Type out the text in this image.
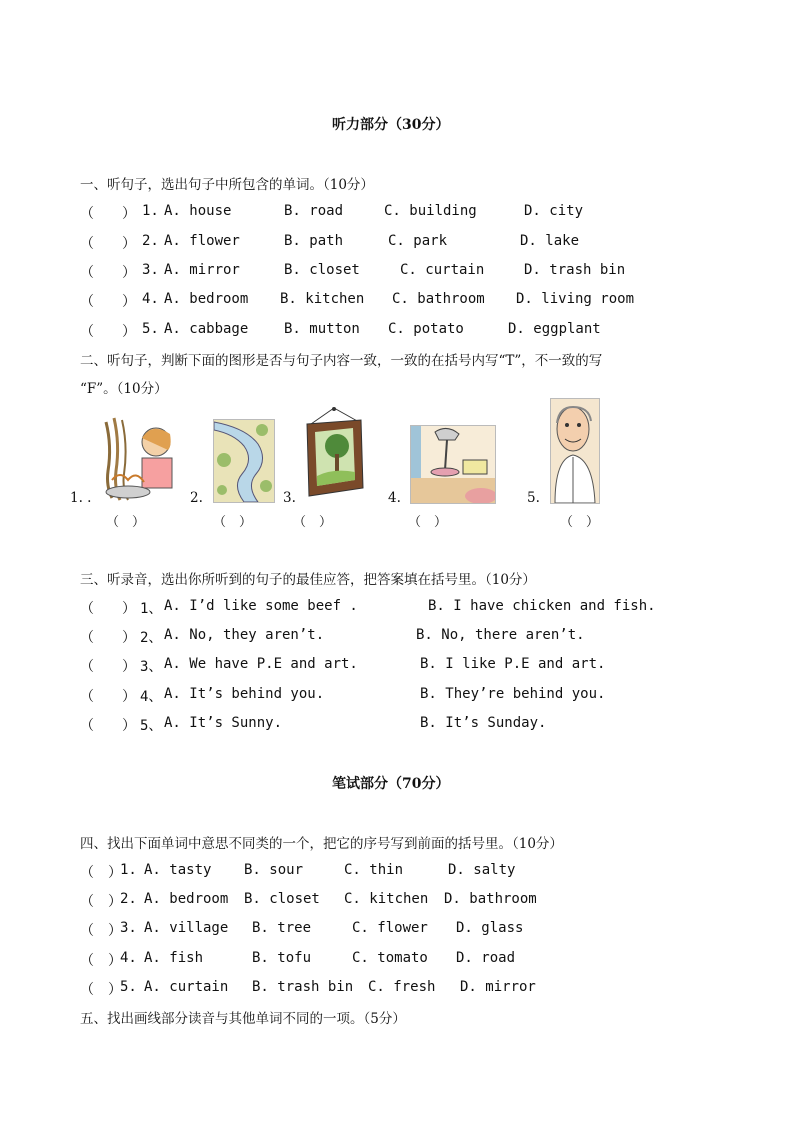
听力部分（30分）
一、听句子，选出句子中所包含的单词。（10分）
（　　） 1. A. house	B. road	C. building	D. city
（　　） 2. A. flower	B. path	C. park	D. lake
（　　） 3. A. mirror	B. closet	C. curtain	D. trash bin
（　　） 4. A. bedroom B. kitchen C. bathroom D. living room
（　　） 5. A. cabbage	B. mutton C. potato	D. eggplant
二、听句子，判断下面的图形是否与句子内容一致，一致的在括号内写“T”，不一致的写
“F”。（10分）
1. .
（　）
2.
（　）
3.
（　）
4.
（　）
5.
（　）
三、听录音，选出你所听到的句子的最佳应答，把答案填在括号里。（10分）
（　　） 1、 A. I’d like some beef .	B. I have chicken and fish.
（　　） 2、 A. No, they aren’t.	B. No, there aren’t.
（　　） 3、 A. We have P.E and art.	B. I like P.E and art.
（　　） 4、 A. It’s behind you.	B. They’re behind you.
（　　） 5、 A. It’s Sunny.	B. It’s Sunday.
笔试部分（70分）
四、找出下面单词中意思不同类的一个，把它的序号写到前面的括号里。（10分）
（　）
1. A. tasty B. sour	C. thin	D. salty
（　）
2. A. bedroom B. closet C. kitchen D. bathroom
（　）
3. A. village B. tree	C. flower D. glass
（　）
4. A. fish	B. tofu	C. tomato D. road
（　）
5. A. curtain B. trash bin C. fresh D. mirror
五、找出画线部分读音与其他单词不同的一项。（5分）
